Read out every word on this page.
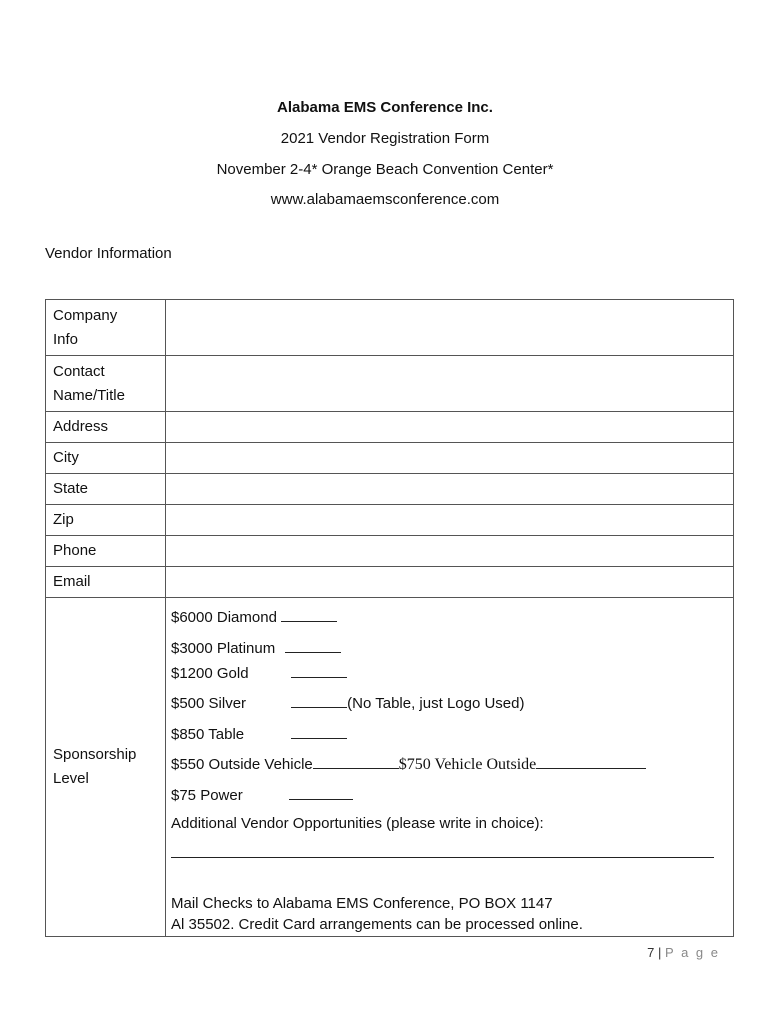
Alabama EMS Conference Inc.
2021 Vendor Registration Form
November 2-4* Orange Beach Convention Center*
www.alabamaemsconference.com
Vendor Information
Company
Info	

Contact
Name/Title	

Address	
City	
State	
Zip	
Phone	
Email	

Sponsorship
Level	

$6000 Diamond
$3000 Platinum
$1200 Gold
$500 Silver	(No Table, just Logo Used)
$850 Table
$550 Outside Vehicle	$750 Vehicle Outside
$75 Power
Additional Vendor Opportunities (please write in choice):
Mail Checks to Alabama EMS Conference, PO BOX 1147
Al 35502. Credit Card arrangements can be processed online.
7 | P a g e
